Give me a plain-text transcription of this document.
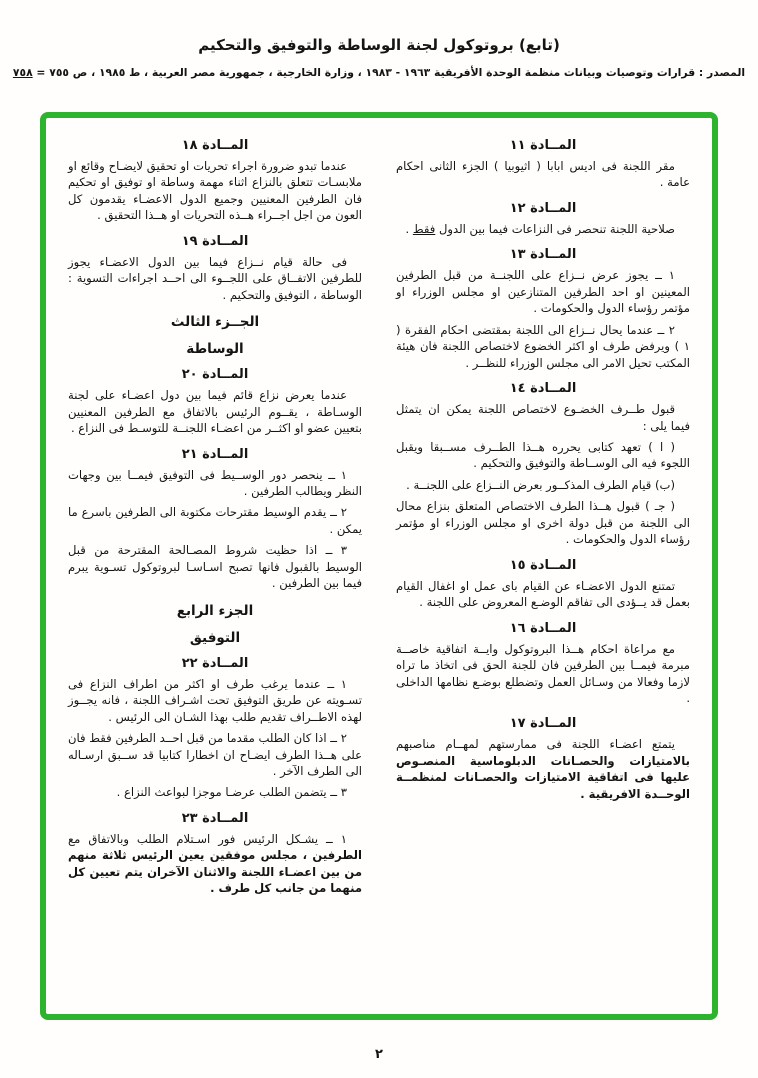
(تابع) بروتوكول لجنة الوساطة والتوفيق والتحكيم
المصدر : قرارات وتوصيات وبيانات منظمة الوحدة الأفريقية ١٩٦٣ - ١٩٨٣ ، وزارة الخارجية ، جمهورية مصر العربية ، ط ١٩٨٥ ، ص ٧٥٥ = ٧٥٨
المــادة ١١

مقر اللجنة فى اديس ابابا ( اثيوبيا ) الجزء الثانى احكام عامة .

المــادة ١٢

صلاحية اللجنة تنحصر فى النزاعات فيما بين الدول فقط .

المــادة ١٣

١ ــ يجوز عرض نــزاع على اللجنــة من قبل الطرفين المعينين او احد الطرفين المتنازعين او مجلس الوزراء او مؤتمر رؤساء الدول والحكومات .

٢ ــ عندما يحال نــزاع الى اللجنة بمقتضى احكام الفقرة ( ١ ) ويرفض طرف او اكثر الخضوع لاختصاص اللجنة فان هيئة المكتب تحيل الامر الى مجلس الوزراء للنظــر .

المــادة ١٤

قبول طــرف الخضـوع لاختصاص اللجنة يمكن ان يتمثل فيما يلى :

( ا ) تعهد كتابى يحرره هــذا الطــرف مســبقا ويقبل اللجوء فيه الى الوســاطة والتوفيق والتحكيم .

(ب) قيام الطرف المذكــور بعرض النــزاع على اللجنــة .

( جـ ) قبول هــذا الطرف الاختصاص المتعلق بنزاع محال الى اللجنة من قبل دولة اخرى او مجلس الوزراء او مؤتمر رؤساء الدول والحكومات .

المــادة ١٥

تمتنع الدول الاعضـاء عن القيام باى عمل او اغفال القيام بعمل قد يــؤدى الى تفاقم الوضـع المعروض على اللجنة .

المــادة ١٦

مع مراعاة احكام هــذا البروتوكول وايــة اتفاقية خاصــة مبرمة فيمــا بين الطرفين فان للجنة الحق فى اتخاذ ما تراه لازما وفعالا من وسـائل العمل وتضطلع بوضـع نظامها الداخلى .

المــادة ١٧

يتمتع اعضـاء اللجنة فى ممارستهم لمهــام مناصبهم بالامتيازات والحصـانات الدبلوماسية المنصـوص عليها فى اتفاقية الامتيازات والحصـانات لمنظمــة الوحــدة الافريقية .

المــادة ١٨

عندما تبدو ضرورة اجراء تحريات او تحقيق لايضـاح وقائع او ملابسـات تتعلق بالنزاع اثناء مهمة وساطة او توفيق او تحكيم فان الطرفين المعنيين وجميع الدول الاعضـاء يقدمون كل العون من اجل اجــراء هــذه التحريات او هــذا التحقيق .

المــادة ١٩

فى حالة قيام نــزاع فيما بين الدول الاعضـاء يجوز للطرفين الاتفــاق على اللجــوء الى احــد اجراءات التسوية : الوساطة ، التوفيق والتحكيم .

الجــزء الثالث
الوساطة
المــادة ٢٠

عندما يعرض نزاع قائم فيما بين دول اعضـاء على لجنة الوسـاطة ، يقــوم الرئيس بالاتفاق مع الطرفين المعنيين بتعيين عضو او اكثــر من اعضـاء اللجنــة للتوسـط فى النزاع .

المــادة ٢١

١ ــ ينحصر دور الوســيط فى التوفيق فيمــا بين وجهات النظر ويطالب الطرفين .

٢ ــ يقدم الوسيط مقترحات مكتوبة الى الطرفين باسرع ما يمكن .

٣ ــ اذا حظيت شروط المصـالحة المقترحة من قبل الوسيط بالقبول فانها تصبح اسـاسـا لبروتوكول تسـوية يبرم فيما بين الطرفين .

الجزء الرابع
التوفيق
المــادة ٢٢

١ ــ عندما يرغب طرف او اكثر من اطراف النزاع فى تسـويته عن طريق التوفيق تحت اشـراف اللجنة ، فانه يجــوز لهذه الاطــراف تقديم طلب بهذا الشـان الى الرئيس .

٢ ــ اذا كان الطلب مقدما من قبل احــد الطرفين فقط فان على هــذا الطرف ايضـاح ان اخطارا كتابيا قد ســبق ارسـاله الى الطرف الآخر .

٣ ــ يتضمن الطلب عرضـا موجزا لبواعث النزاع .

المــادة ٢٣

١ ــ يشـكل الرئيس فور اسـتلام الطلب وبالاتفاق مع الطرفين ، مجلس موفقين يعين الرئيس ثلاثة منهم من بين اعضـاء اللجنة والاثنان الآخران يتم تعيين كل منهما من جانب كل طرف .

٢
